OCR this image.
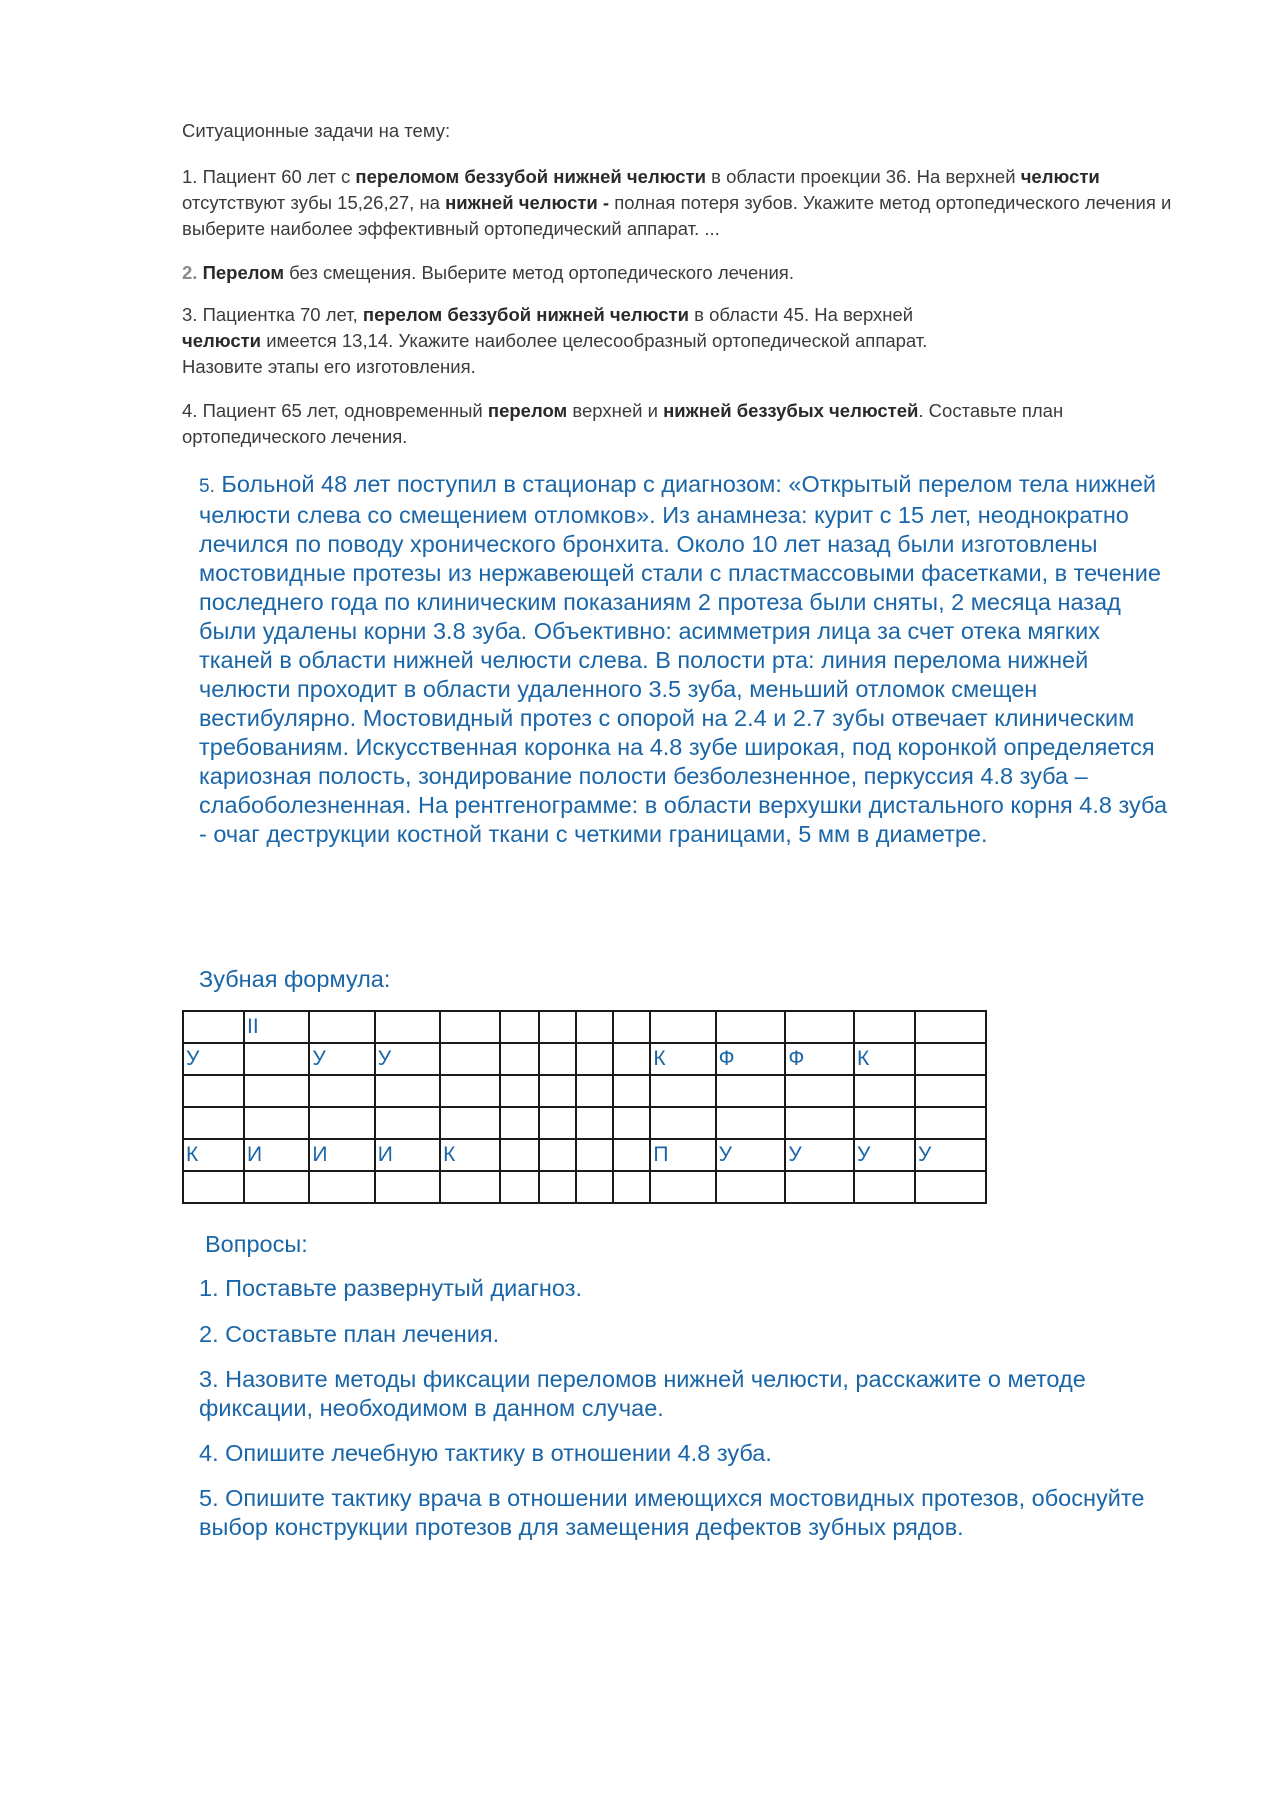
Ситуационные задачи на тему:

1. Пациент 60 лет с переломом беззубой нижней челюсти в области проекции 36. На верхней челюсти отсутствуют зубы 15,26,27, на нижней челюсти - полная потеря зубов. Укажите метод ортопедического лечения и выберите наиболее эффективный ортопедический аппарат. ...

2. Перелом без смещения. Выберите метод ортопедического лечения.

3. Пациентка 70 лет, перелом беззубой нижней челюсти в области 45. На верхней челюсти имеется 13,14. Укажите наиболее целесообразный ортопедической аппарат. Назовите этапы его изготовления.

4. Пациент 65 лет, одновременный перелом верхней и нижней беззубых челюстей. Составьте план ортопедического лечения.

5. Больной 48 лет поступил в стационар с диагнозом: «Открытый перелом тела нижней челюсти слева со смещением отломков». Из анамнеза: курит с 15 лет, неоднократно лечился по поводу хронического бронхита. Около 10 лет назад были изготовлены мостовидные протезы из нержавеющей стали с пластмассовыми фасетками, в течение последнего года по клиническим показаниям 2 протеза были сняты, 2 месяца назад были удалены корни 3.8 зуба. Объективно: асимметрия лица за счет отека мягких тканей в области нижней челюсти слева. В полости рта: линия перелома нижней челюсти проходит в области удаленного 3.5 зуба, меньший отломок смещен вестибулярно. Мостовидный протез с опорой на 2.4 и 2.7 зубы отвечает клиническим требованиям. Искусственная коронка на 4.8 зубе широкая, под коронкой определяется кариозная полость, зондирование полости безболезненное, перкуссия 4.8 зуба – слабоболезненная. На рентгенограмме: в области верхушки дистального корня 4.8 зуба - очаг деструкции костной ткани с четкими границами, 5 мм в диаметре.

Зубная формула:

	II												
У		У	У						К	Ф	Ф	К	

К	И	И	И	К					П	У	У	У	У

Вопросы:

1. Поставьте развернутый диагноз.

2. Составьте план лечения.

3. Назовите методы фиксации переломов нижней челюсти, расскажите о методе фиксации, необходимом в данном случае.

4. Опишите лечебную тактику в отношении 4.8 зуба.

5. Опишите тактику врача в отношении имеющихся мостовидных протезов, обоснуйте выбор конструкции протезов для замещения дефектов зубных рядов.
